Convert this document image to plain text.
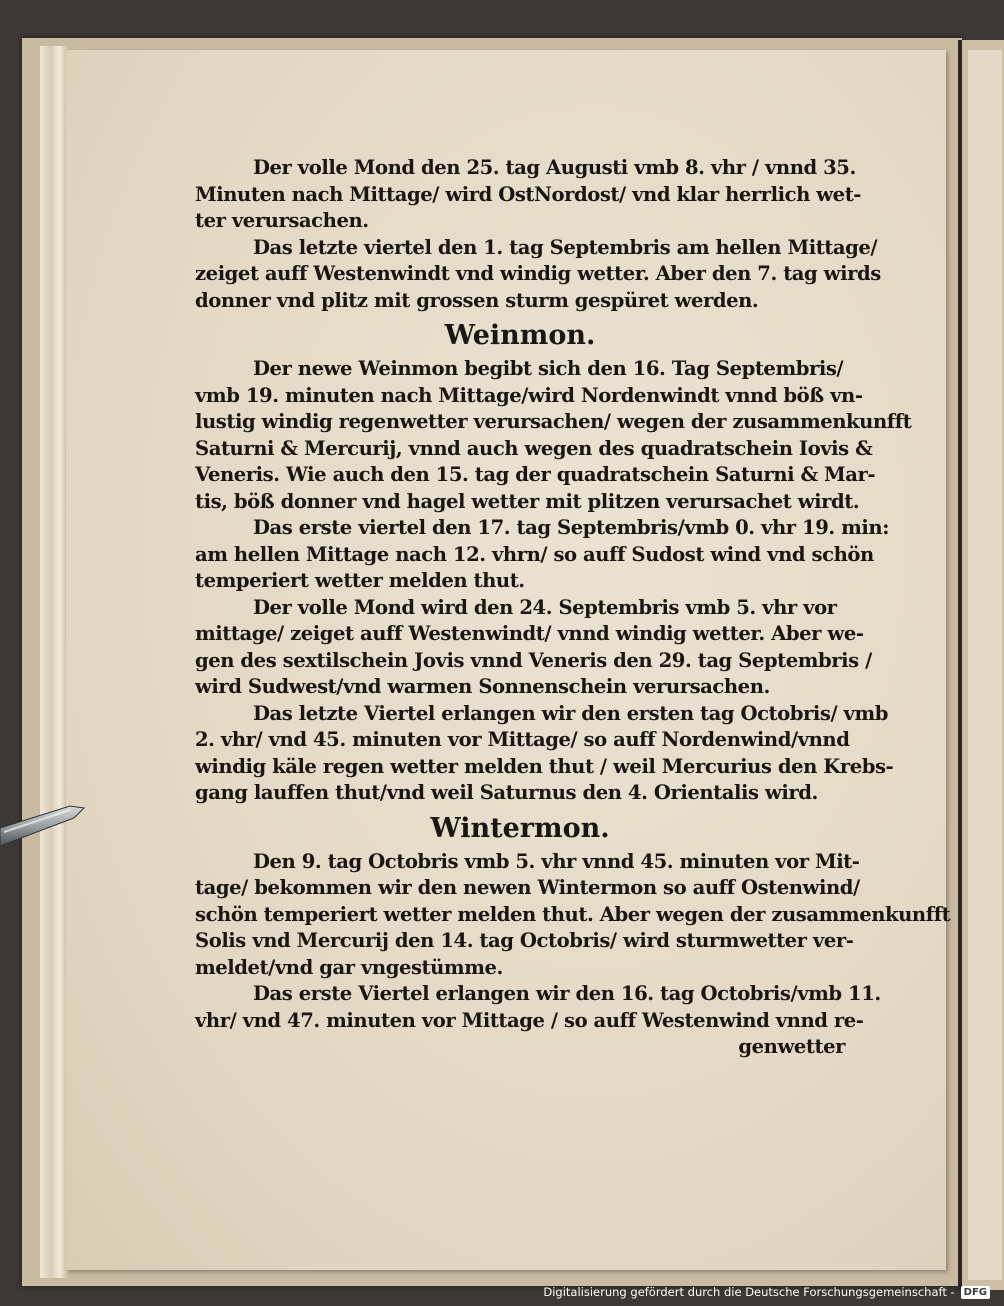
Der volle Mond den 25. tag Augusti vmb 8. vhr / vnnd 35.
Minuten nach Mittage/ wird OstNordost/ vnd klar herrlich wet-
ter verursachen.

Das letzte viertel den 1. tag Septembris am hellen Mittage/
zeiget auff Westenwindt vnd windig wetter. Aber den 7. tag wirds
donner vnd plitz mit grossen sturm gespüret werden.

Weinmon.

Der newe Weinmon begibt sich den 16. Tag Septembris/
vmb 19. minuten nach Mittage/wird Nordenwindt vnnd böß vn-
lustig windig regenwetter verursachen/ wegen der zusammenkunfft
Saturni & Mercurij, vnnd auch wegen des quadratschein Iovis &
Veneris. Wie auch den 15. tag der quadratschein Saturni & Mar-
tis, böß donner vnd hagel wetter mit plitzen verursachet wirdt.

Das erste viertel den 17. tag Septembris/vmb 0. vhr 19. min:
am hellen Mittage nach 12. vhrn/ so auff Sudost wind vnd schön
temperiert wetter melden thut.

Der volle Mond wird den 24. Septembris vmb 5. vhr vor
mittage/ zeiget auff Westenwindt/ vnnd windig wetter. Aber we-
gen des sextilschein Jovis vnnd Veneris den 29. tag Septembris /
wird Sudwest/vnd warmen Sonnenschein verursachen.

Das letzte Viertel erlangen wir den ersten tag Octobris/ vmb
2. vhr/ vnd 45. minuten vor Mittage/ so auff Nordenwind/vnnd
windig käle regen wetter melden thut / weil Mercurius den Krebs-
gang lauffen thut/vnd weil Saturnus den 4. Orientalis wird.

Wintermon.

Den 9. tag Octobris vmb 5. vhr vnnd 45. minuten vor Mit-
tage/ bekommen wir den newen Wintermon so auff Ostenwind/
schön temperiert wetter melden thut. Aber wegen der zusammenkunfft
Solis vnd Mercurij den 14. tag Octobris/ wird sturmwetter ver-
meldet/vnd gar vngestümme.

Das erste Viertel erlangen wir den 16. tag Octobris/vmb 11.
vhr/ vnd 47. minuten vor Mittage / so auff Westenwind vnnd re-

genwetter
Digitalisierung gefördert durch die Deutsche Forschungsgemeinschaft - DFG
